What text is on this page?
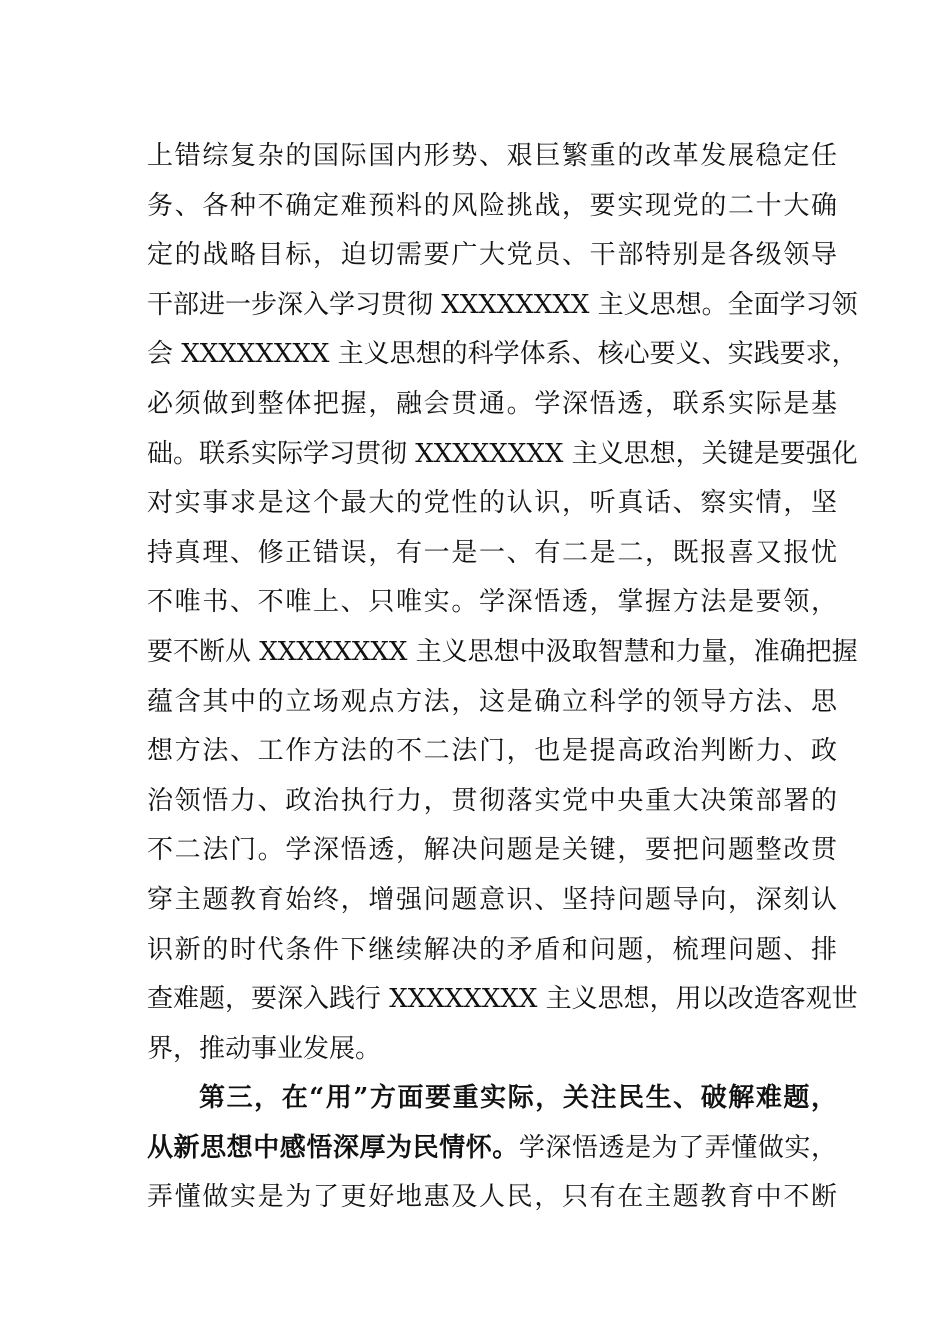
上错综复杂的国际国内形势、艰巨繁重的改革发展稳定任
务、各种不确定难预料的风险挑战，要实现党的二十大确
定的战略目标，迫切需要广大党员、干部特别是各级领导
干部进一步深入学习贯彻 XXXXXXXX 主义思想。全面学习领
会 XXXXXXXX 主义思想的科学体系、核心要义、实践要求，
必须做到整体把握，融会贯通。学深悟透，联系实际是基
础。联系实际学习贯彻 XXXXXXXX 主义思想，关键是要强化
对实事求是这个最大的党性的认识，听真话、察实情，坚
持真理、修正错误，有一是一、有二是二，既报喜又报忧
不唯书、不唯上、只唯实。学深悟透，掌握方法是要领，
要不断从 XXXXXXXX 主义思想中汲取智慧和力量，准确把握
蕴含其中的立场观点方法，这是确立科学的领导方法、思
想方法、工作方法的不二法门，也是提高政治判断力、政
治领悟力、政治执行力，贯彻落实党中央重大决策部署的
不二法门。学深悟透，解决问题是关键，要把问题整改贯
穿主题教育始终，增强问题意识、坚持问题导向，深刻认
识新的时代条件下继续解决的矛盾和问题，梳理问题、排
查难题，要深入践行 XXXXXXXX 主义思想，用以改造客观世
界，推动事业发展。
第三，在“用”方面要重实际，关注民生、破解难题，
从新思想中感悟深厚为民情怀。学深悟透是为了弄懂做实，
弄懂做实是为了更好地惠及人民，只有在主题教育中不断
